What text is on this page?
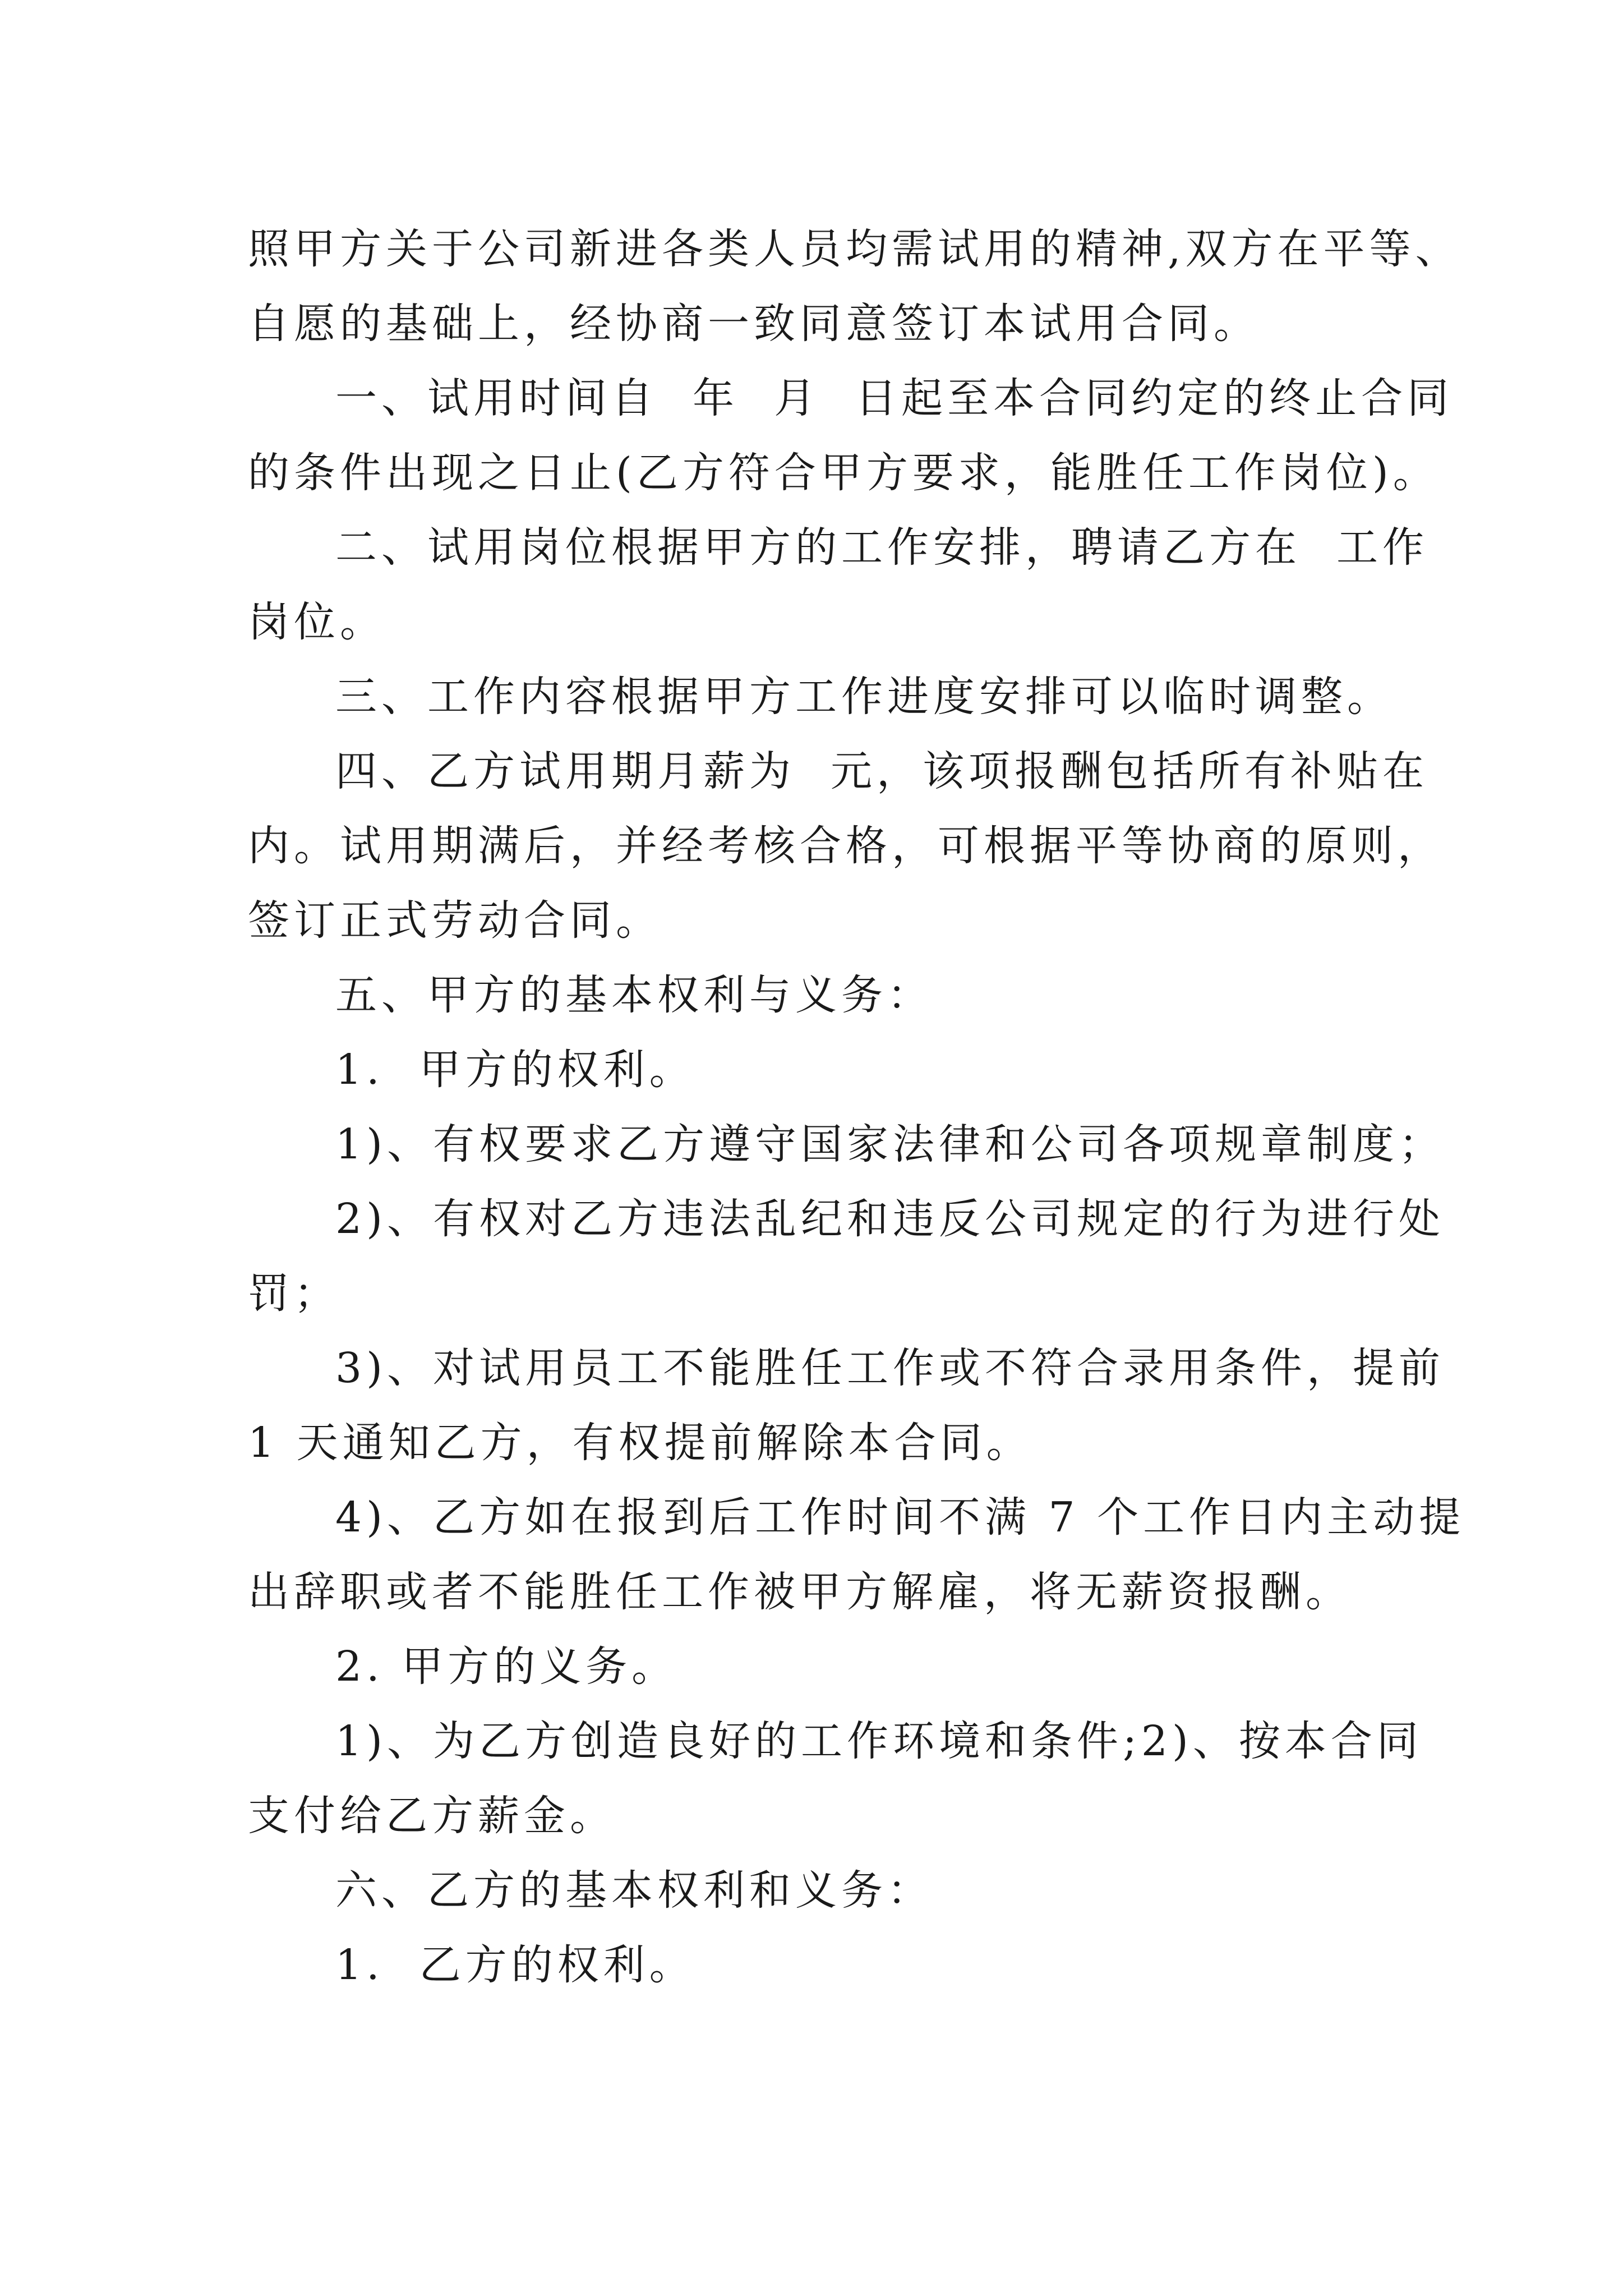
照甲方关于公司新进各类人员均需试用的精神,双方在平等、
自愿的基础上，经协商一致同意签订本试用合同。
一、试用时间自  年  月  日起至本合同约定的终止合同
的条件出现之日止(乙方符合甲方要求，能胜任工作岗位)。
二、试用岗位根据甲方的工作安排，聘请乙方在  工作
岗位。
三、工作内容根据甲方工作进度安排可以临时调整。
四、乙方试用期月薪为  元，该项报酬包括所有补贴在
内。试用期满后，并经考核合格，可根据平等协商的原则，
签订正式劳动合同。
五、甲方的基本权利与义务：
1.  甲方的权利。
1)、有权要求乙方遵守国家法律和公司各项规章制度；
2)、有权对乙方违法乱纪和违反公司规定的行为进行处
罚；
3)、对试用员工不能胜任工作或不符合录用条件，提前
1 天通知乙方，有权提前解除本合同。
4)、乙方如在报到后工作时间不满 7 个工作日内主动提
出辞职或者不能胜任工作被甲方解雇，将无薪资报酬。
2. 甲方的义务。
1)、为乙方创造良好的工作环境和条件;2)、按本合同
支付给乙方薪金。
六、乙方的基本权利和义务：
1.  乙方的权利。
